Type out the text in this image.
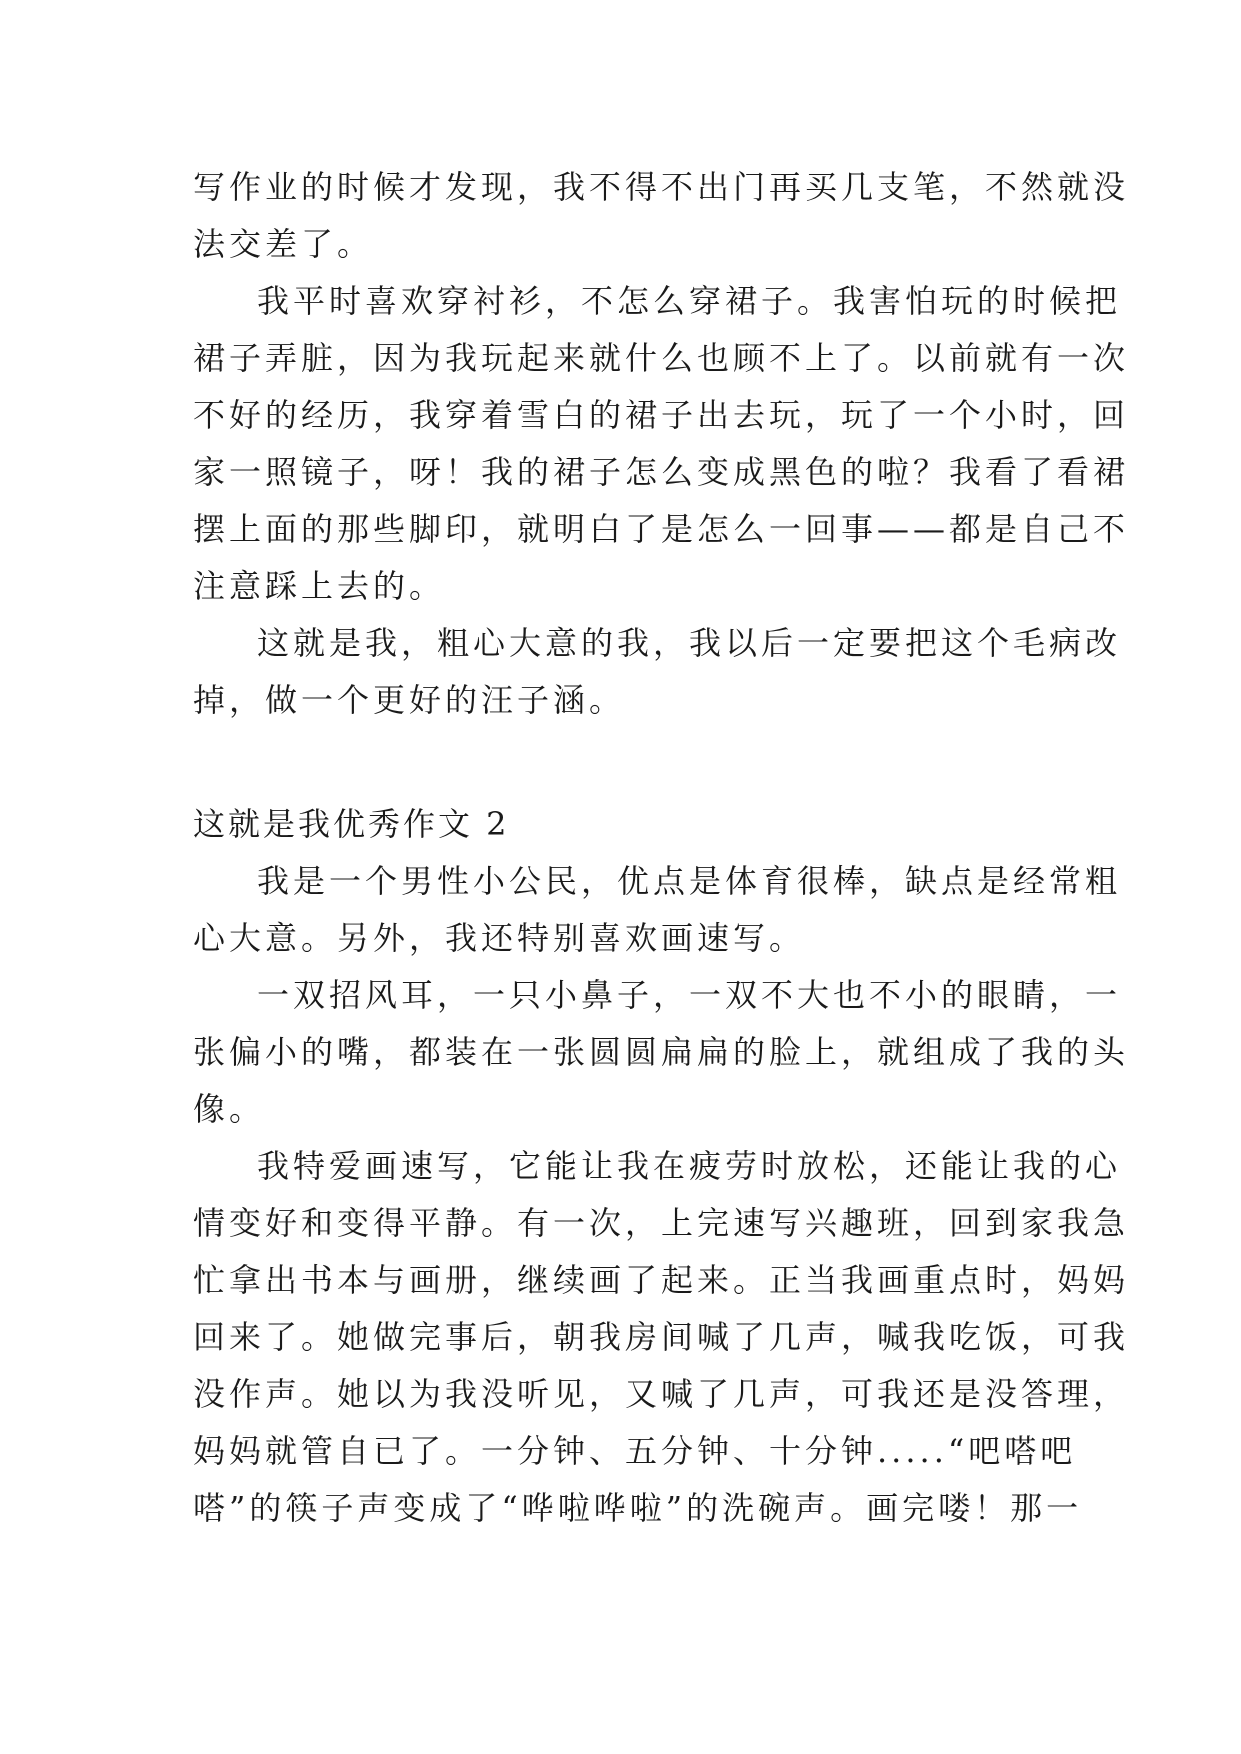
写作业的时候才发现，我不得不出门再买几支笔，不然就没
法交差了。
我平时喜欢穿衬衫，不怎么穿裙子。我害怕玩的时候把
裙子弄脏，因为我玩起来就什么也顾不上了。以前就有一次
不好的经历，我穿着雪白的裙子出去玩，玩了一个小时，回
家一照镜子，呀！我的裙子怎么变成黑色的啦？我看了看裙
摆上面的那些脚印，就明白了是怎么一回事——都是自己不
注意踩上去的。
这就是我，粗心大意的我，我以后一定要把这个毛病改
掉，做一个更好的汪子涵。
这就是我优秀作文 2
我是一个男性小公民，优点是体育很棒，缺点是经常粗
心大意。另外，我还特别喜欢画速写。
一双招风耳，一只小鼻子，一双不大也不小的眼睛，一
张偏小的嘴，都装在一张圆圆扁扁的脸上，就组成了我的头
像。
我特爱画速写，它能让我在疲劳时放松，还能让我的心
情变好和变得平静。有一次，上完速写兴趣班，回到家我急
忙拿出书本与画册，继续画了起来。正当我画重点时，妈妈
回来了。她做完事后，朝我房间喊了几声，喊我吃饭，可我
没作声。她以为我没听见，又喊了几声，可我还是没答理，
妈妈就管自已了。一分钟、五分钟、十分钟.....“吧嗒吧
嗒”的筷子声变成了“哗啦哗啦”的洗碗声。画完喽！那一
